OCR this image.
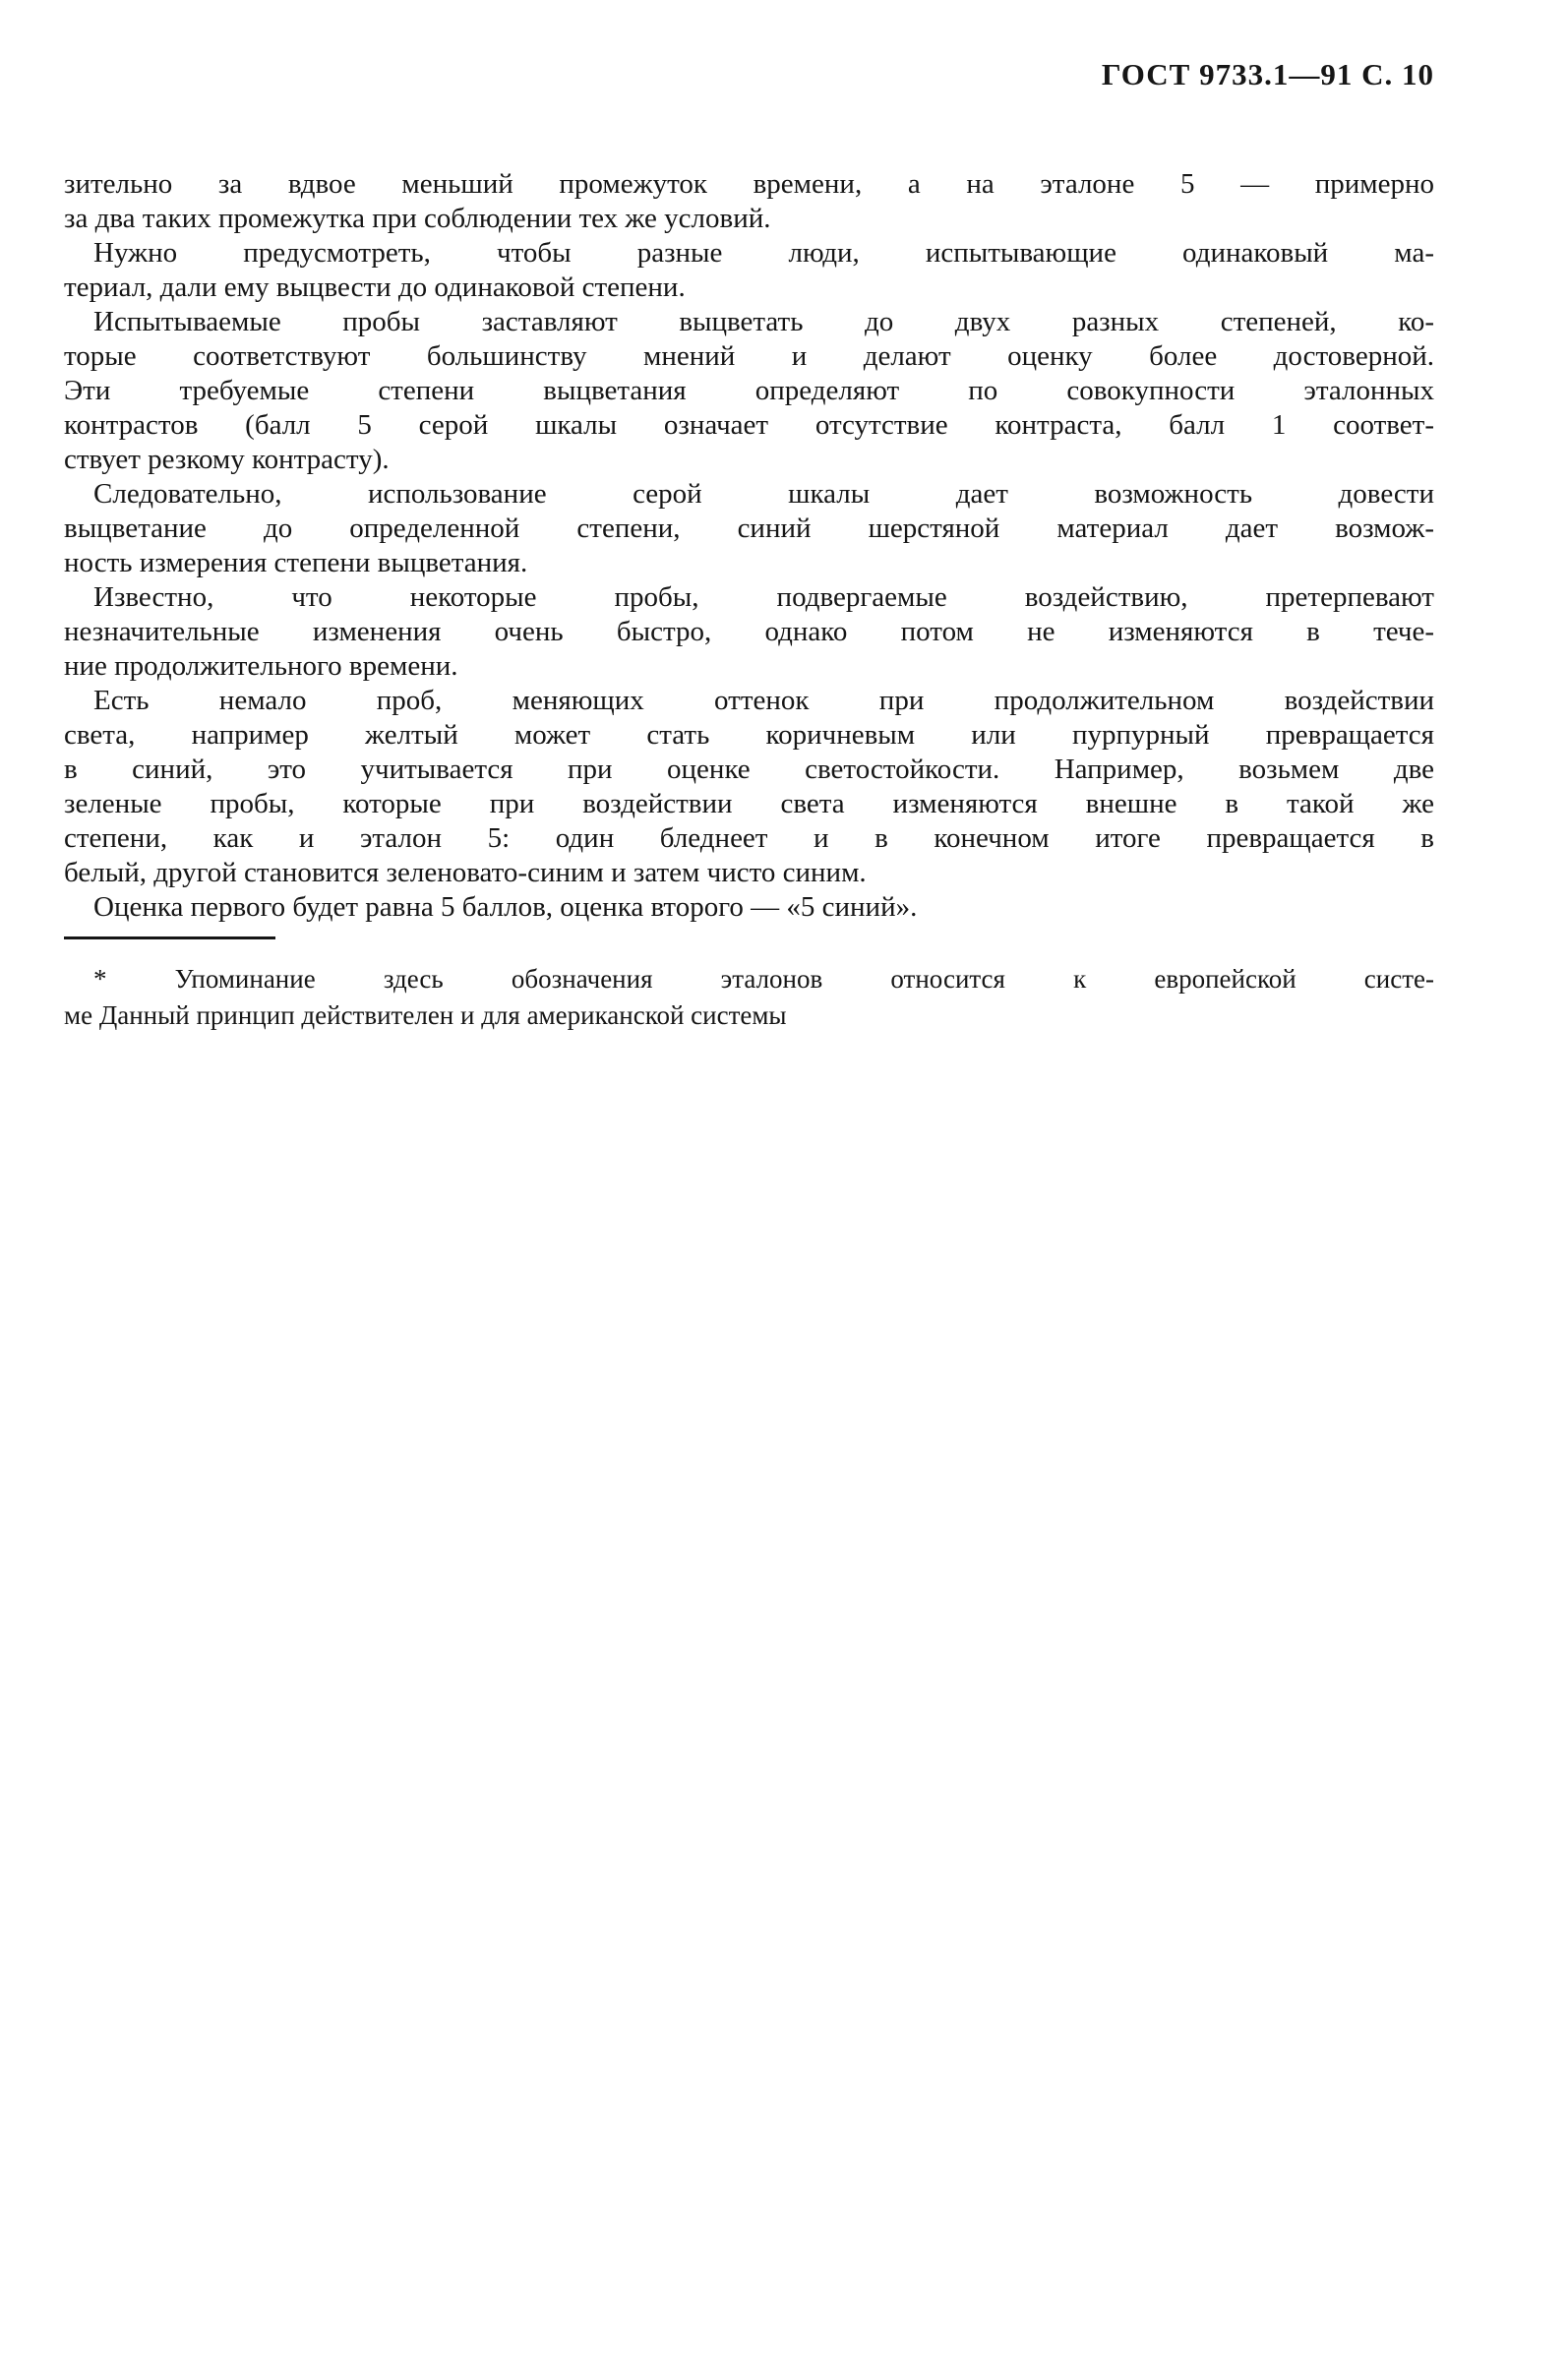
ГОСТ 9733.1—91 С. 10
зительно за вдвое меньший промежуток времени, а на эталоне 5 — примерно
за два таких промежутка при соблюдении тех же условий.
Нужно предусмотреть, чтобы разные люди, испытывающие одинаковый ма-
териал, дали ему выцвести до одинаковой степени.
Испытываемые пробы заставляют выцветать до двух разных степеней, ко-
торые соответствуют большинству мнений и делают оценку более достоверной.
Эти требуемые степени выцветания определяют по совокупности эталонных
контрастов (балл 5 серой шкалы означает отсутствие контраста, балл 1 соответ-
ствует резкому контрасту).
Следовательно, использование серой шкалы дает возможность довести
выцветание до определенной степени, синий шерстяной материал дает возмож-
ность измерения степени выцветания.
Известно, что некоторые пробы, подвергаемые воздействию, претерпевают
незначительные изменения очень быстро, однако потом не изменяются в тече-
ние продолжительного времени.
Есть немало проб, меняющих оттенок при продолжительном воздействии
света, например желтый может стать коричневым или пурпурный превращается
в синий, это учитывается при оценке светостойкости. Например, возьмем две
зеленые пробы, которые при воздействии света изменяются внешне в такой же
степени, как и эталон 5: один бледнеет и в конечном итоге превращается в
белый, другой становится зеленовато-синим и затем чисто синим.
Оценка первого будет равна 5 баллов, оценка второго — «5 синий».
* Упоминание здесь обозначения эталонов относится к европейской систе-
ме Данный принцип действителен и для американской системы
